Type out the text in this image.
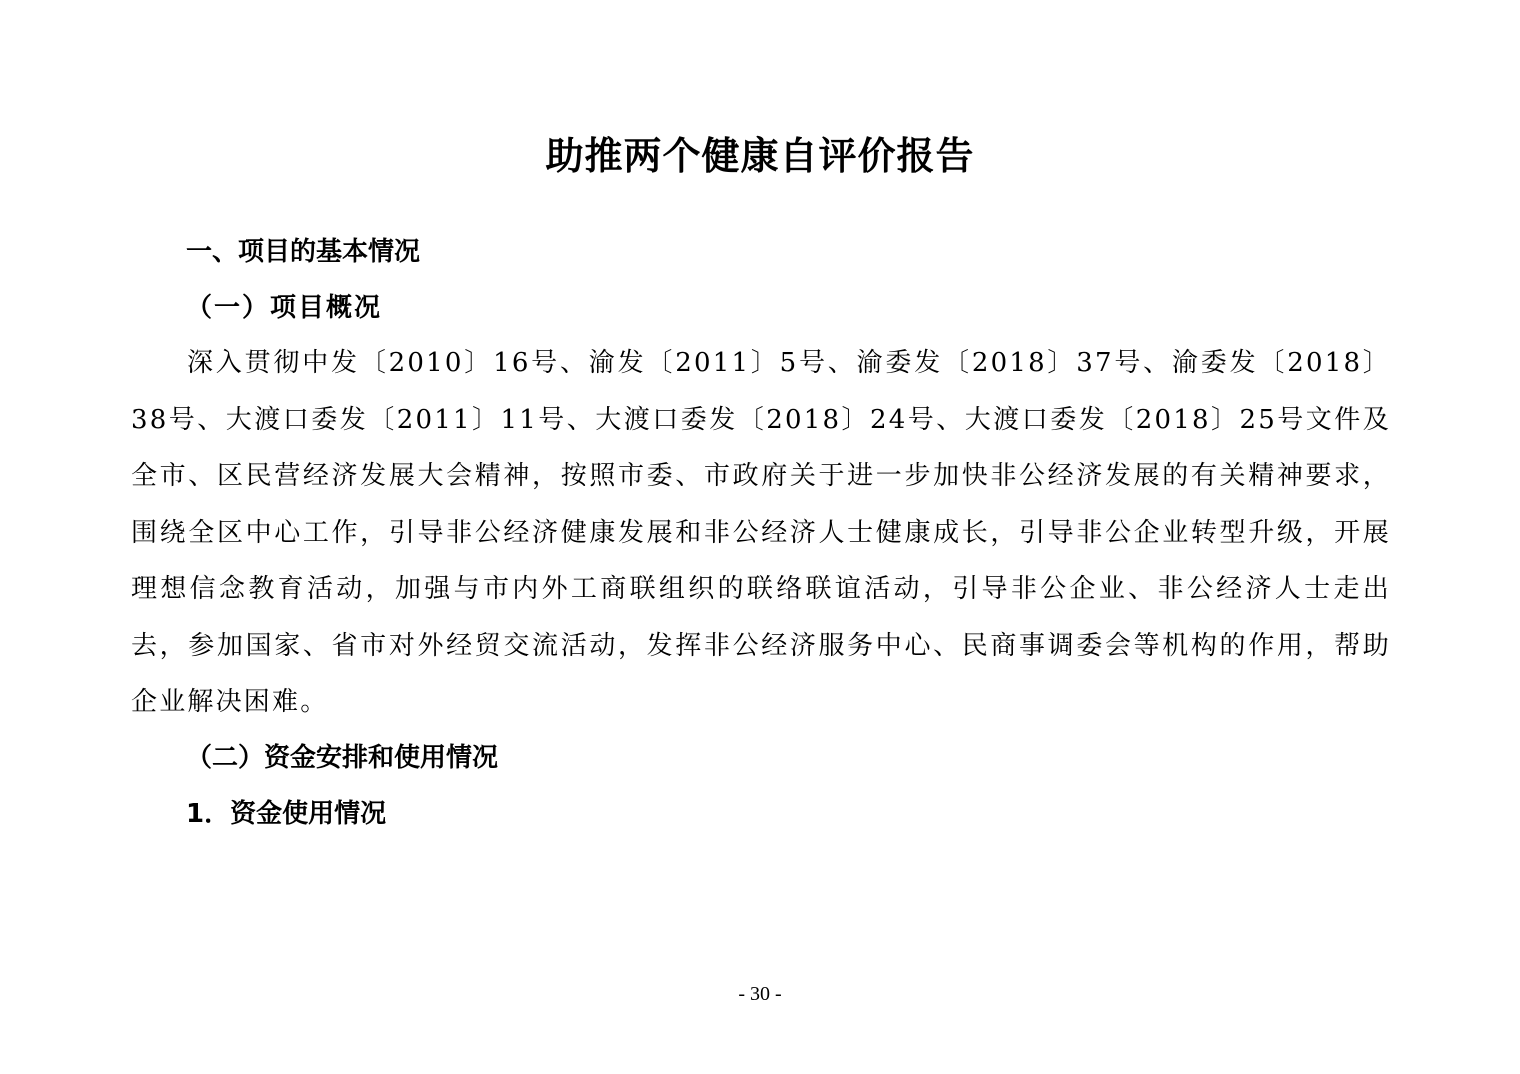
助推两个健康自评价报告
一、项目的基本情况
（一）项目概况

深入贯彻中发〔2010〕16号、渝发〔2011〕5号、渝委发〔2018〕37号、渝委发〔2018〕38号、大渡口委发〔2011〕11号、大渡口委发〔2018〕24号、大渡口委发〔2018〕25号文件及全市、区民营经济发展大会精神，按照市委、市政府关于进一步加快非公经济发展的有关精神要求，围绕全区中心工作，引导非公经济健康发展和非公经济人士健康成长，引导非公企业转型升级，开展理想信念教育活动，加强与市内外工商联组织的联络联谊活动，引导非公企业、非公经济人士走出去，参加国家、省市对外经贸交流活动，发挥非公经济服务中心、民商事调委会等机构的作用，帮助企业解决困难。

（二）资金安排和使用情况
1．资金使用情况
- 30 -
